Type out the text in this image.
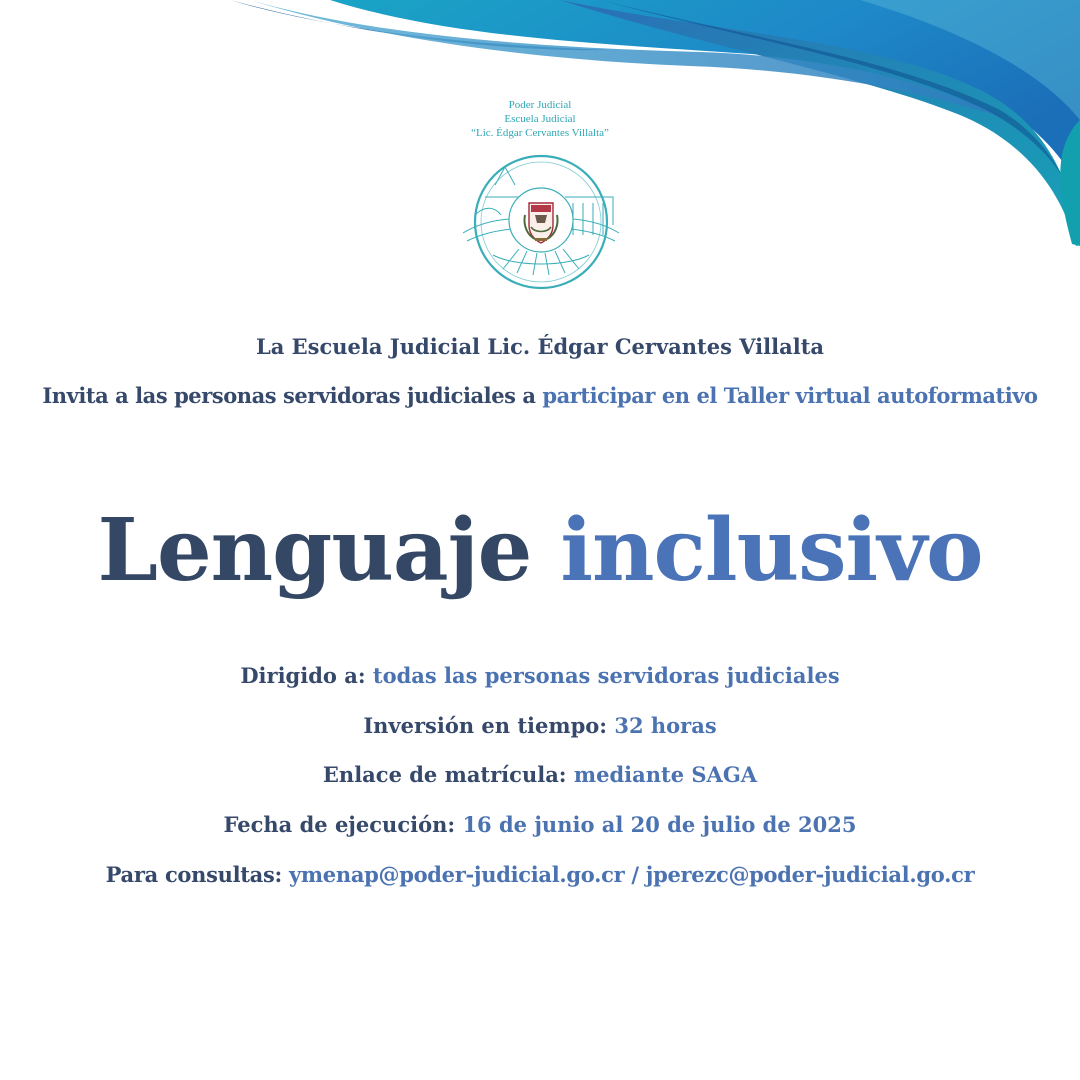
Poder Judicial
Escuela Judicial
“Lic. Édgar Cervantes Villalta”
La Escuela Judicial Lic. Édgar Cervantes Villalta
Invita a las personas servidoras judiciales a participar en el Taller virtual autoformativo
Lenguaje inclusivo
Dirigido a: todas las personas servidoras judiciales
Inversión en tiempo: 32 horas
Enlace de matrícula: mediante SAGA
Fecha de ejecución: 16 de junio al 20 de julio de 2025
Para consultas: ymenap@poder-judicial.go.cr / jperezc@poder-judicial.go.cr
